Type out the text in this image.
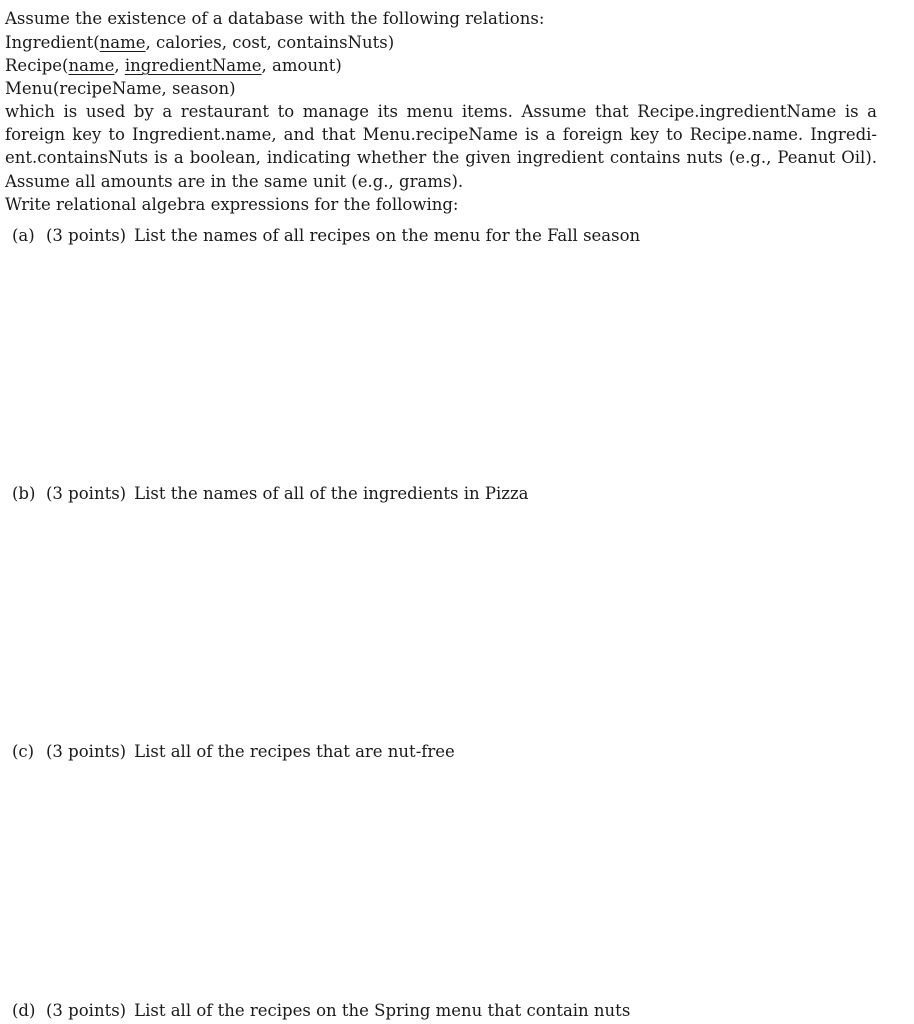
Assume the existence of a database with the following relations:
Ingredient(name, calories, cost, containsNuts)
Recipe(name, ingredientName, amount)
Menu(recipeName, season)
which is used by a restaurant to manage its menu items. Assume that Recipe.ingredientName is a
foreign key to Ingredient.name, and that Menu.recipeName is a foreign key to Recipe.name. Ingredi-
ent.containsNuts is a boolean, indicating whether the given ingredient contains nuts (e.g., Peanut Oil).
Assume all amounts are in the same unit (e.g., grams).
Write relational algebra expressions for the following:
(a) (3 points) List the names of all recipes on the menu for the Fall season
(b) (3 points) List the names of all of the ingredients in Pizza
(c) (3 points) List all of the recipes that are nut-free
(d) (3 points) List all of the recipes on the Spring menu that contain nuts
